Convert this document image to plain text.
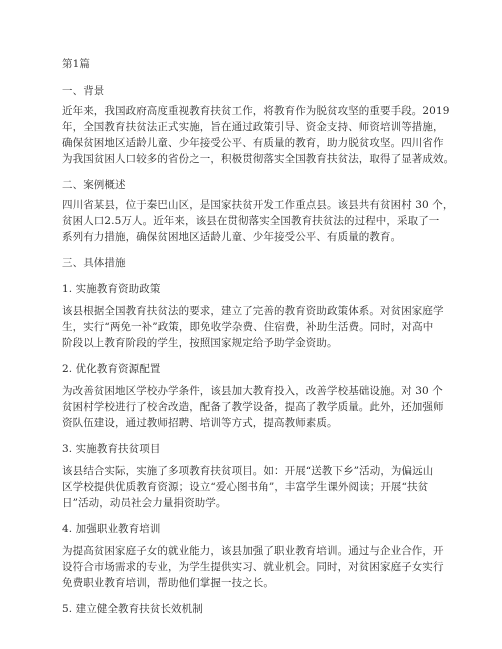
第1篇
一、背景
近年来，我国政府高度重视教育扶贫工作，将教育作为脱贫攻坚的重要手段。2019
年，全国教育扶贫法正式实施，旨在通过政策引导、资金支持、师资培训等措施，
确保贫困地区适龄儿童、少年接受公平、有质量的教育，助力脱贫攻坚。四川省作
为我国贫困人口较多的省份之一，积极贯彻落实全国教育扶贫法，取得了显著成效。
二、案例概述
四川省某县，位于秦巴山区，是国家扶贫开发工作重点县。该县共有贫困村 30 个，
贫困人口2.5万人。近年来，该县在贯彻落实全国教育扶贫法的过程中，采取了一
系列有力措施，确保贫困地区适龄儿童、少年接受公平、有质量的教育。
三、具体措施
1. 实施教育资助政策
该县根据全国教育扶贫法的要求，建立了完善的教育资助政策体系。对贫困家庭学
生，实行“两免一补”政策，即免收学杂费、住宿费，补助生活费。同时，对高中
阶段以上教育阶段的学生，按照国家规定给予助学金资助。
2. 优化教育资源配置
为改善贫困地区学校办学条件，该县加大教育投入，改善学校基础设施。对 30 个
贫困村学校进行了校舍改造，配备了教学设备，提高了教学质量。此外，还加强师
资队伍建设，通过教师招聘、培训等方式，提高教师素质。
3. 实施教育扶贫项目
该县结合实际，实施了多项教育扶贫项目。如：开展“送教下乡”活动，为偏远山
区学校提供优质教育资源；设立“爱心图书角”，丰富学生课外阅读；开展“扶贫
日”活动，动员社会力量捐资助学。
4. 加强职业教育培训
为提高贫困家庭子女的就业能力，该县加强了职业教育培训。通过与企业合作，开
设符合市场需求的专业，为学生提供实习、就业机会。同时，对贫困家庭子女实行
免费职业教育培训，帮助他们掌握一技之长。
5. 建立健全教育扶贫长效机制
